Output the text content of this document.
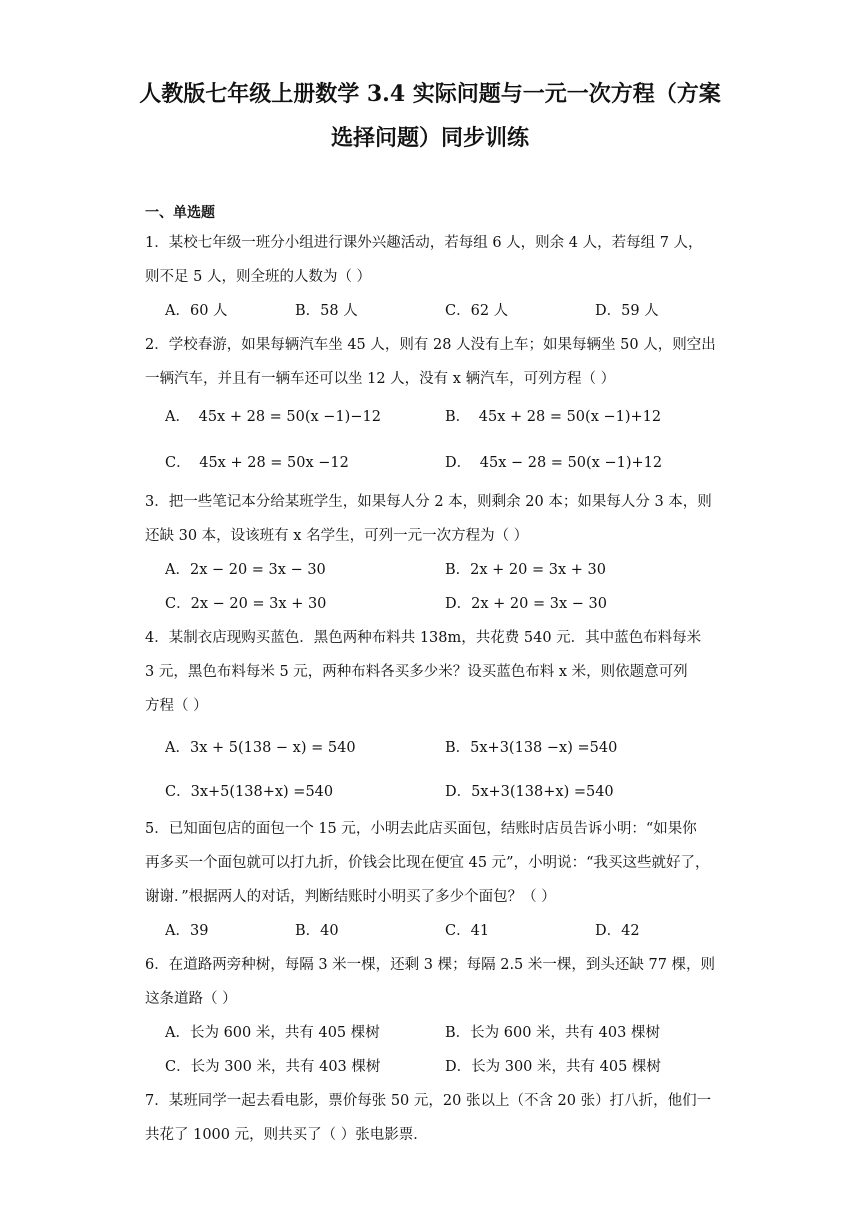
人教版七年级上册数学 3.4 实际问题与一元一次方程（方案
选择问题）同步训练
一、单选题
1．某校七年级一班分小组进行课外兴趣活动，若每组 6 人，则余 4 人，若每组 7 人，
则不足 5 人，则全班的人数为（ ）
A．60 人	B．58 人	C．62 人	D．59 人
2．学校春游，如果每辆汽车坐 45 人，则有 28 人没有上车；如果每辆坐 50 人，则空出
一辆汽车，并且有一辆车还可以坐 12 人，没有 x 辆汽车，可列方程（ ）
A． 45x + 28 = 50(x −1)−12	B． 45x + 28 = 50(x −1)+12
C． 45x + 28 = 50x −12	D． 45x − 28 = 50(x −1)+12
3．把一些笔记本分给某班学生，如果每人分 2 本，则剩余 20 本；如果每人分 3 本，则
还缺 30 本，设该班有 x 名学生，可列一元一次方程为（ ）
A．2x − 20 = 3x − 30	B．2x + 20 = 3x + 30
C．2x − 20 = 3x + 30	D．2x + 20 = 3x − 30
4．某制衣店现购买蓝色．黑色两种布料共 138m，共花费 540 元．其中蓝色布料每米
3 元，黑色布料每米 5 元，两种布料各买多少米？设买蓝色布料 x 米，则依题意可列
方程（ ）
A．3x + 5(138 − x) = 540	B．5x+3(138 −x) =540
C．3x+5(138+x) =540	D．5x+3(138+x) =540
5．已知面包店的面包一个 15 元，小明去此店买面包，结账时店员告诉小明：“如果你
再多买一个面包就可以打九折，价钱会比现在便宜 45 元”，小明说：“我买这些就好了，
谢谢．”根据两人的对话，判断结账时小明买了多少个面包？（ ）
A．39	B．40	C．41	D．42
6．在道路两旁种树，每隔 3 米一棵，还剩 3 棵；每隔 2.5 米一棵，到头还缺 77 棵，则
这条道路（ ）
A．长为 600 米，共有 405 棵树	B．长为 600 米，共有 403 棵树
C．长为 300 米，共有 403 棵树	D．长为 300 米，共有 405 棵树
7．某班同学一起去看电影，票价每张 50 元，20 张以上（不含 20 张）打八折，他们一
共花了 1000 元，则共买了（ ）张电影票．
